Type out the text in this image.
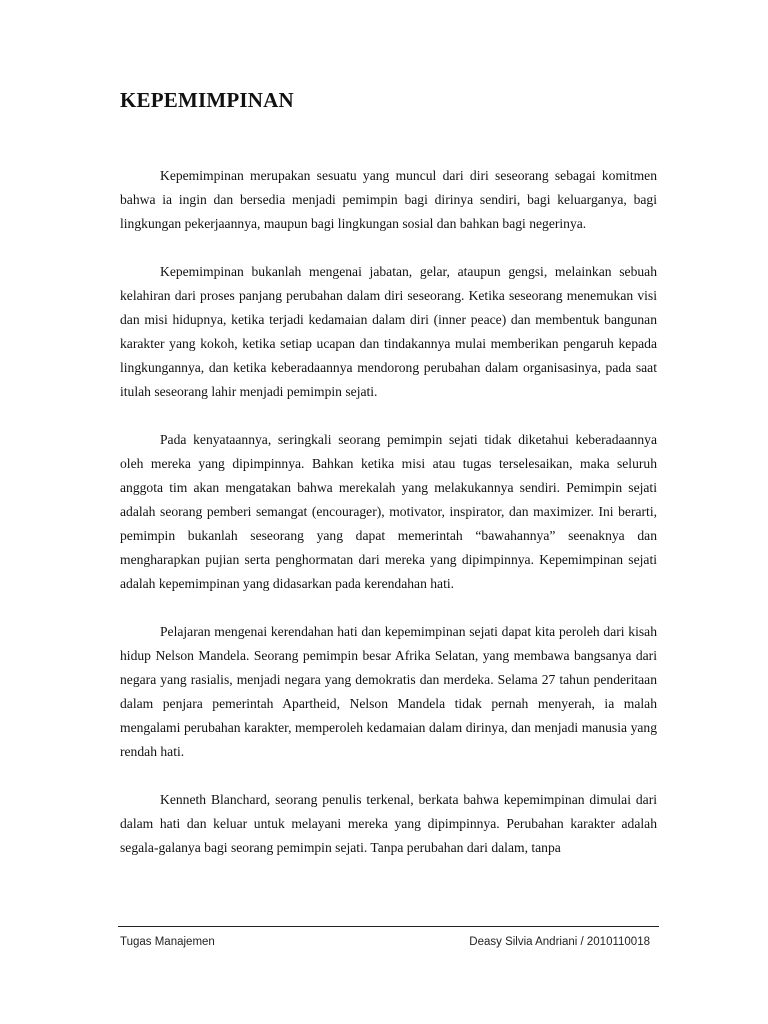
KEPEMIMPINAN

Kepemimpinan merupakan sesuatu yang muncul dari diri seseorang sebagai komitmen bahwa ia ingin dan bersedia menjadi pemimpin bagi dirinya sendiri, bagi keluarganya, bagi lingkungan pekerjaannya, maupun bagi lingkungan sosial dan bahkan bagi negerinya.

Kepemimpinan bukanlah mengenai jabatan, gelar, ataupun gengsi, melainkan sebuah kelahiran dari proses panjang perubahan dalam diri seseorang. Ketika seseorang menemukan visi dan misi hidupnya, ketika terjadi kedamaian dalam diri (inner peace) dan membentuk bangunan karakter yang kokoh, ketika setiap ucapan dan tindakannya mulai memberikan pengaruh kepada lingkungannya, dan ketika keberadaannya mendorong perubahan dalam organisasinya, pada saat itulah seseorang lahir menjadi pemimpin sejati.

Pada kenyataannya, seringkali seorang pemimpin sejati tidak diketahui keberadaannya oleh mereka yang dipimpinnya. Bahkan ketika misi atau tugas terselesaikan, maka seluruh anggota tim akan mengatakan bahwa merekalah yang melakukannya sendiri. Pemimpin sejati adalah seorang pemberi semangat (encourager), motivator, inspirator, dan maximizer. Ini berarti, pemimpin bukanlah seseorang yang dapat memerintah “bawahannya” seenaknya dan mengharapkan pujian serta penghormatan dari mereka yang dipimpinnya. Kepemimpinan sejati adalah kepemimpinan yang didasarkan pada kerendahan hati.

Pelajaran mengenai kerendahan hati dan kepemimpinan sejati dapat kita peroleh dari kisah hidup Nelson Mandela. Seorang pemimpin besar Afrika Selatan, yang membawa bangsanya dari negara yang rasialis, menjadi negara yang demokratis dan merdeka. Selama 27 tahun penderitaan dalam penjara pemerintah Apartheid, Nelson Mandela tidak pernah menyerah, ia malah mengalami perubahan karakter, memperoleh kedamaian dalam dirinya, dan menjadi manusia yang rendah hati.

Kenneth Blanchard, seorang penulis terkenal, berkata bahwa kepemimpinan dimulai dari dalam hati dan keluar untuk melayani mereka yang dipimpinnya. Perubahan karakter adalah segala-galanya bagi seorang pemimpin sejati. Tanpa perubahan dari dalam, tanpa

Tugas Manajemen	Deasy Silvia Andriani / 2010110018
